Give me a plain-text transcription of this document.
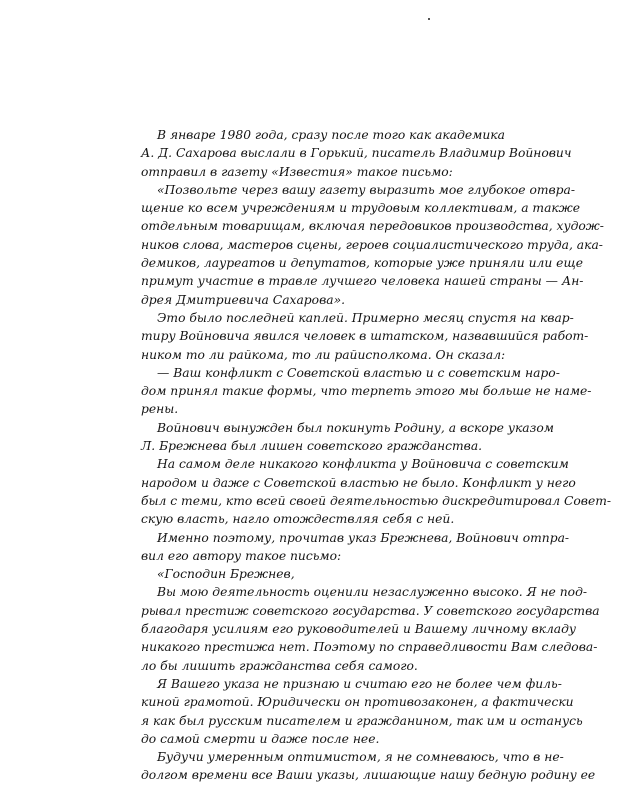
В январе 1980 года, сразу после того как академика
А. Д. Сахарова выслали в Горький, писатель Владимир Войнович
отправил в газету «Известия» такое письмо:
«Позвольте через вашу газету выразить мое глубокое отвра-
щение ко всем учреждениям и трудовым коллективам, а также
отдельным товарищам, включая передовиков производства, худож-
ников слова, мастеров сцены, героев социалистического труда, ака-
демиков, лауреатов и депутатов, которые уже приняли или еще
примут участие в травле лучшего человека нашей страны — Ан-
дрея Дмитриевича Сахарова».
Это было последней каплей. Примерно месяц спустя на квар-
тиру Войновича явился человек в штатском, назвавшийся работ-
ником то ли райкома, то ли райисполкома. Он сказал:
— Ваш конфликт с Советской властью и с советским наро-
дом принял такие формы, что терпеть этого мы больше не наме-
рены.
Войнович вынужден был покинуть Родину, а вскоре указом
Л. Брежнева был лишен советского гражданства.
На самом деле никакого конфликта у Войновича с советским
народом и даже с Советской властью не было. Конфликт у него
был с теми, кто всей своей деятельностью дискредитировал Совет-
скую власть, нагло отождествляя себя с ней.
Именно поэтому, прочитав указ Брежнева, Войнович отпра-
вил его автору такое письмо:
«Господин Брежнев,
Вы мою деятельность оценили незаслуженно высоко. Я не под-
рывал престиж советского государства. У советского государства
благодаря усилиям его руководителей и Вашему личному вкладу
никакого престижа нет. Поэтому по справедливости Вам следова-
ло бы лишить гражданства себя самого.
Я Вашего указа не признаю и считаю его не более чем филь-
киной грамотой. Юридически он противозаконен, а фактически
я как был русским писателем и гражданином, так им и останусь
до самой смерти и даже после нее.
Будучи умеренным оптимистом, я не сомневаюсь, что в не-
долгом времени все Ваши указы, лишающие нашу бедную родину ее
